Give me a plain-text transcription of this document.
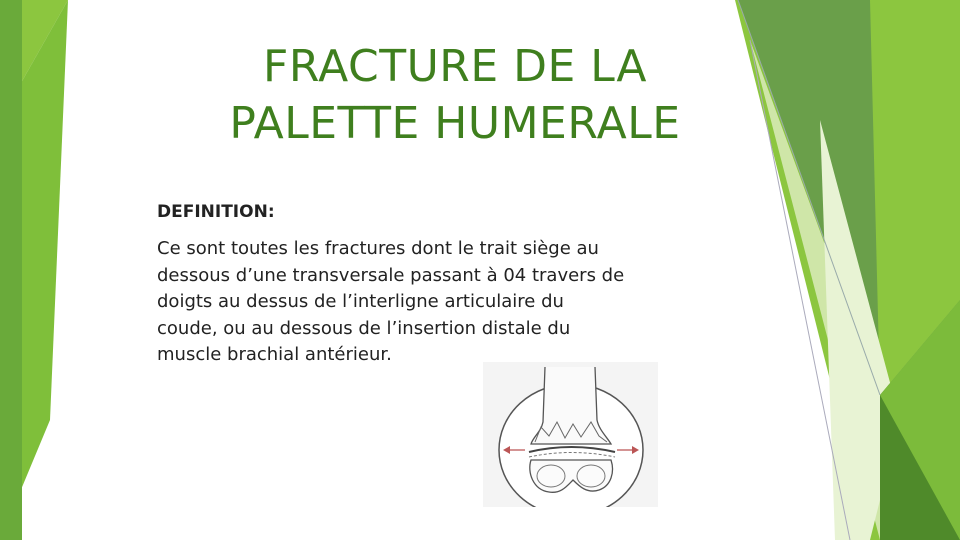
FRACTURE DE LA
PALETTE HUMERALE
DEFINITION:
Ce sont toutes les fractures dont le trait siège au
dessous d’une transversale passant à 04 travers de
doigts au dessus de l’interligne articulaire du
coude, ou au dessous de l’insertion distale du
muscle brachial antérieur.
